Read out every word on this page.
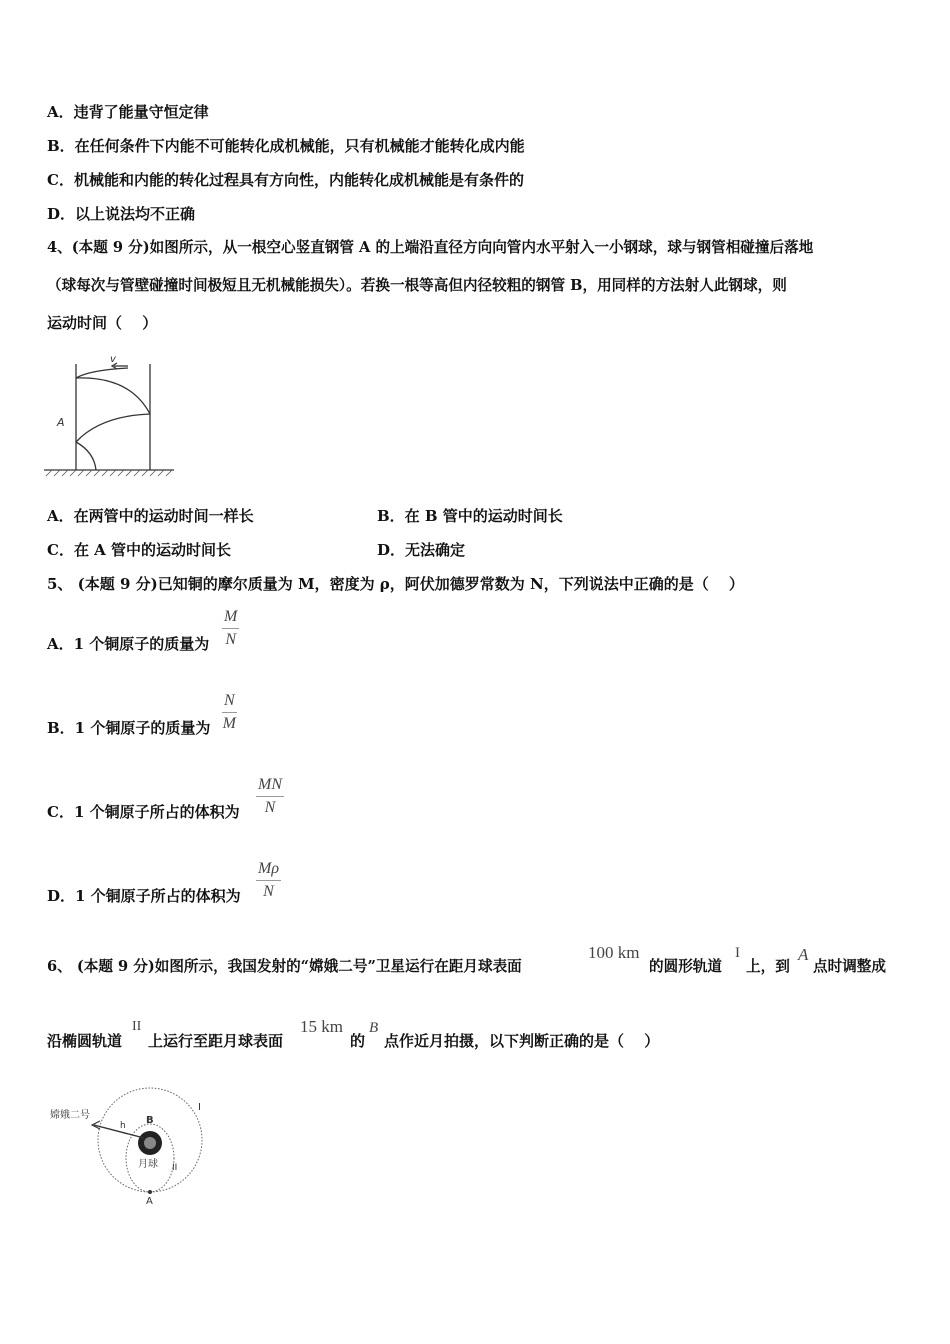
A．违背了能量守恒定律
B．在任何条件下内能不可能转化成机械能，只有机械能才能转化成内能
C．机械能和内能的转化过程具有方向性，内能转化成机械能是有条件的
D．以上说法均不正确
4、(本题 9 分)如图所示，从一根空心竖直钢管 A 的上端沿直径方向向管内水平射入一小钢球，球与钢管相碰撞后落地
（球每次与管壁碰撞时间极短且无机械能损失）。若换一根等高但内径较粗的钢管 B，用同样的方法射人此钢球，则
运动时间（　 ）
v
A
A．在两管中的运动时间一样长	B．在 B 管中的运动时间长
C．在 A 管中的运动时间长	D．无法确定
5、 (本题 9 分)已知铜的摩尔质量为 M，密度为 ρ，阿伏加德罗常数为 N，下列说法中正确的是（　 ）
A．1 个铜原子的质量为 $\frac{M}{N}$
B．1 个铜原子的质量为 $\frac{N}{M}$
C．1 个铜原子所占的体积为 $\frac{MN}{N}$
D．1 个铜原子所占的体积为 $\frac{M\rho}{N}$
6、 (本题 9 分)如图所示，我国发射的“嫦娥二号”卫星运行在距月球表面
100 km
的圆形轨道
I
上，到
A
点时调整成
沿椭圆轨道
II
上运行至距月球表面
15 km
的
B
点作近月拍摄，以下判断正确的是（　 ）
嫦娥二号
h B
月球
I
II
A
